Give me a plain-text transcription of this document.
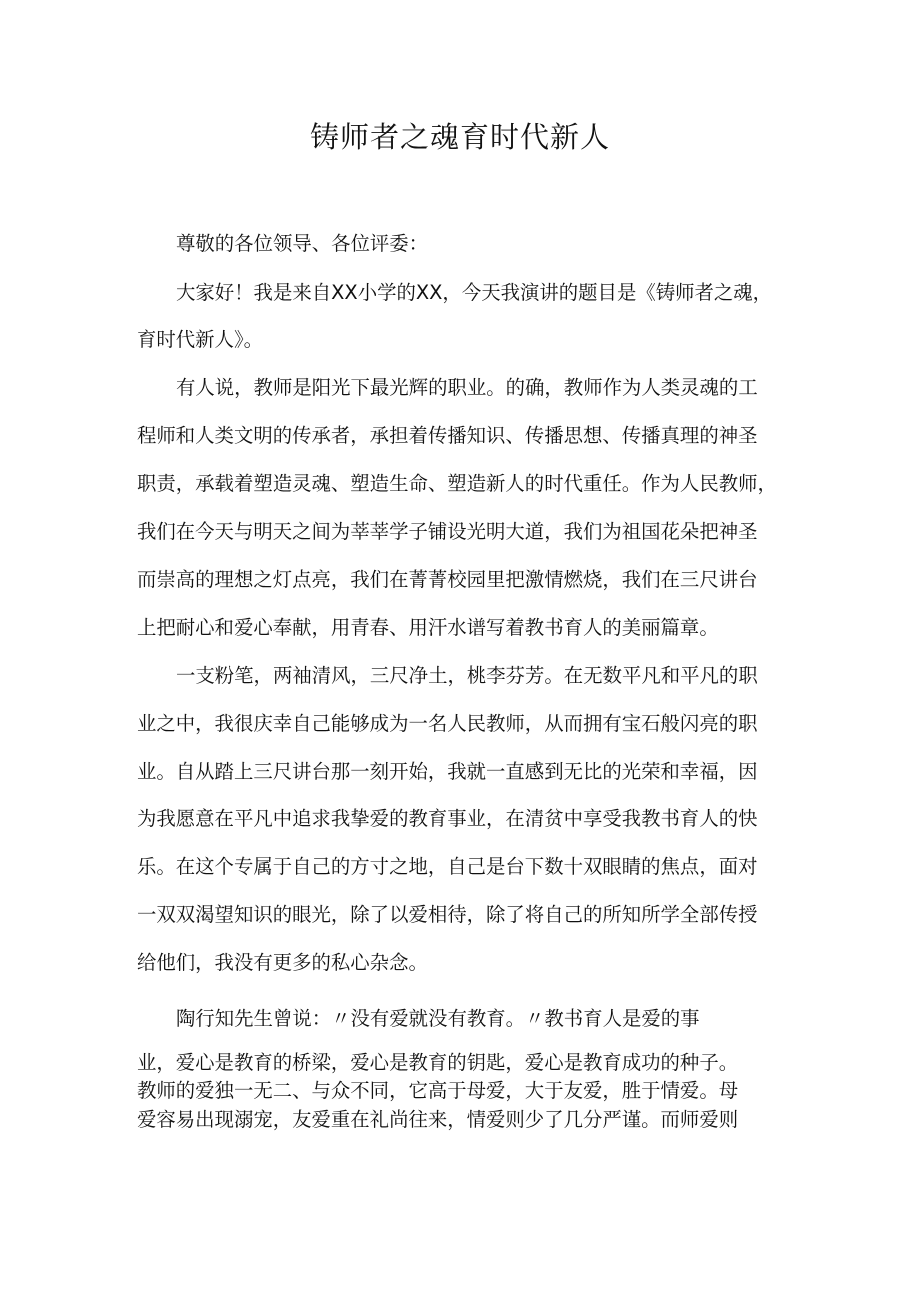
铸师者之魂育时代新人
尊敬的各位领导、各位评委：
大家好！我是来自XX小学的XX，今天我演讲的题目是《铸师者之魂，
育时代新人》。
有人说，教师是阳光下最光辉的职业。的确，教师作为人类灵魂的工
程师和人类文明的传承者，承担着传播知识、传播思想、传播真理的神圣
职责，承载着塑造灵魂、塑造生命、塑造新人的时代重任。作为人民教师，
我们在今天与明天之间为莘莘学子铺设光明大道，我们为祖国花朵把神圣
而崇高的理想之灯点亮，我们在菁菁校园里把激情燃烧，我们在三尺讲台
上把耐心和爱心奉献，用青春、用汗水谱写着教书育人的美丽篇章。
一支粉笔，两袖清风，三尺净土，桃李芬芳。在无数平凡和平凡的职
业之中，我很庆幸自己能够成为一名人民教师，从而拥有宝石般闪亮的职
业。自从踏上三尺讲台那一刻开始，我就一直感到无比的光荣和幸福，因
为我愿意在平凡中追求我挚爱的教育事业，在清贫中享受我教书育人的快
乐。在这个专属于自己的方寸之地，自己是台下数十双眼睛的焦点，面对
一双双渴望知识的眼光，除了以爱相待，除了将自己的所知所学全部传授
给他们，我没有更多的私心杂念。
陶行知先生曾说：〃没有爱就没有教育。〃教书育人是爱的事
业，爱心是教育的桥梁，爱心是教育的钥匙，爱心是教育成功的种子。
教师的爱独一无二、与众不同，它高于母爱，大于友爱，胜于情爱。母
爱容易出现溺宠，友爱重在礼尚往来，情爱则少了几分严谨。而师爱则
